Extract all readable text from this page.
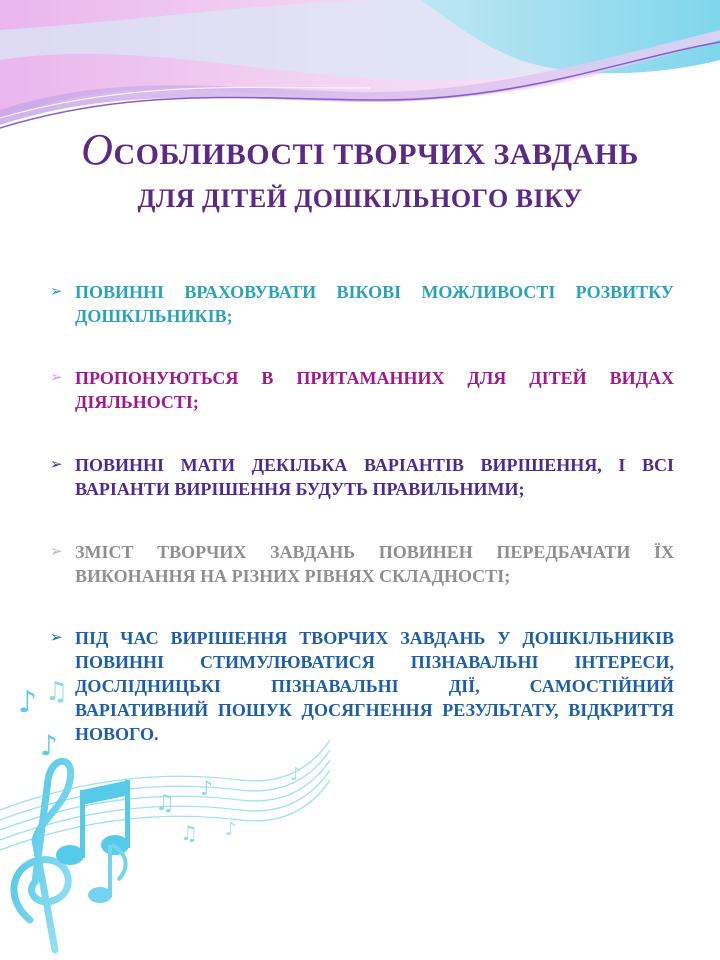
ОСОБЛИВОСТІ ТВОРЧИХ ЗАВДАНЬ
ДЛЯ ДІТЕЙ ДОШКІЛЬНОГО ВІКУ
➢ ПОВИННІ ВРАХОВУВАТИ ВІКОВІ МОЖЛИВОСТІ РОЗВИТКУ ДОШКІЛЬНИКІВ;
➢ ПРОПОНУЮТЬСЯ В ПРИТАМАННИХ ДЛЯ ДІТЕЙ ВИДАХ ДІЯЛЬНОСТІ;
➢ ПОВИННІ МАТИ ДЕКІЛЬКА ВАРІАНТІВ ВИРІШЕННЯ, І ВСІ ВАРІАНТИ ВИРІШЕННЯ БУДУТЬ ПРАВИЛЬНИМИ;
➢ ЗМІСТ ТВОРЧИХ ЗАВДАНЬ ПОВИНЕН ПЕРЕДБАЧАТИ ЇХ ВИКОНАННЯ НА РІЗНИХ РІВНЯХ СКЛАДНОСТІ;
➢ ПІД ЧАС ВИРІШЕННЯ ТВОРЧИХ ЗАВДАНЬ У ДОШКІЛЬНИКІВ ПОВИННІ СТИМУЛЮВАТИСЯ ПІЗНАВАЛЬНІ ІНТЕРЕСИ, ДОСЛІДНИЦЬКІ ПІЗНАВАЛЬНІ ДІЇ, САМОСТІЙНИЙ ВАРІАТИВНИЙ ПОШУК ДОСЯГНЕННЯ РЕЗУЛЬТАТУ, ВІДКРИТТЯ НОВОГО.
♪ ♫
♪
♫
♪
♫ ♪
♪
